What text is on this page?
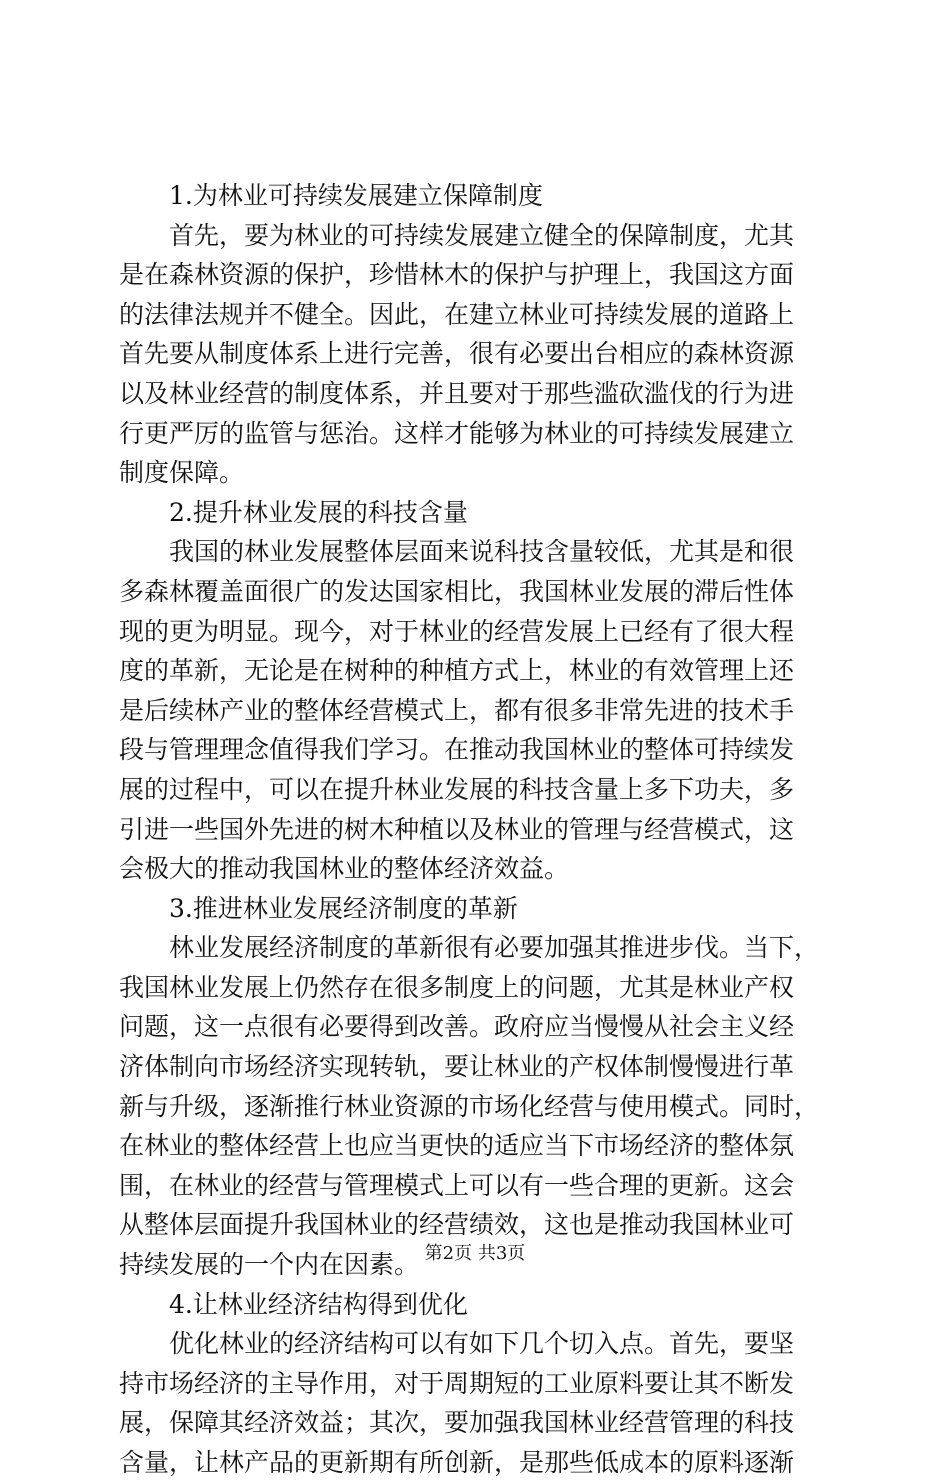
1.为林业可持续发展建立保障制度
首先，要为林业的可持续发展建立健全的保障制度，尤其
是在森林资源的保护，珍惜林木的保护与护理上，我国这方面
的法律法规并不健全。因此，在建立林业可持续发展的道路上
首先要从制度体系上进行完善，很有必要出台相应的森林资源
以及林业经营的制度体系，并且要对于那些滥砍滥伐的行为进
行更严厉的监管与惩治。这样才能够为林业的可持续发展建立
制度保障。
2.提升林业发展的科技含量
我国的林业发展整体层面来说科技含量较低，尤其是和很
多森林覆盖面很广的发达国家相比，我国林业发展的滞后性体
现的更为明显。现今，对于林业的经营发展上已经有了很大程
度的革新，无论是在树种的种植方式上，林业的有效管理上还
是后续林产业的整体经营模式上，都有很多非常先进的技术手
段与管理理念值得我们学习。在推动我国林业的整体可持续发
展的过程中，可以在提升林业发展的科技含量上多下功夫，多
引进一些国外先进的树木种植以及林业的管理与经营模式，这
会极大的推动我国林业的整体经济效益。
3.推进林业发展经济制度的革新
林业发展经济制度的革新很有必要加强其推进步伐。当下，
我国林业发展上仍然存在很多制度上的问题，尤其是林业产权
问题，这一点很有必要得到改善。政府应当慢慢从社会主义经
济体制向市场经济实现转轨，要让林业的产权体制慢慢进行革
新与升级，逐渐推行林业资源的市场化经营与使用模式。同时，
在林业的整体经营上也应当更快的适应当下市场经济的整体氛
围，在林业的经营与管理模式上可以有一些合理的更新。这会
从整体层面提升我国林业的经营绩效，这也是推动我国林业可
持续发展的一个内在因素。
4.让林业经济结构得到优化
优化林业的经济结构可以有如下几个切入点。首先，要坚
持市场经济的主导作用，对于周期短的工业原料要让其不断发
展，保障其经济效益；其次，要加强我国林业经营管理的科技
含量，让林产品的更新期有所创新，是那些低成本的原料逐渐
第2页 共3页
